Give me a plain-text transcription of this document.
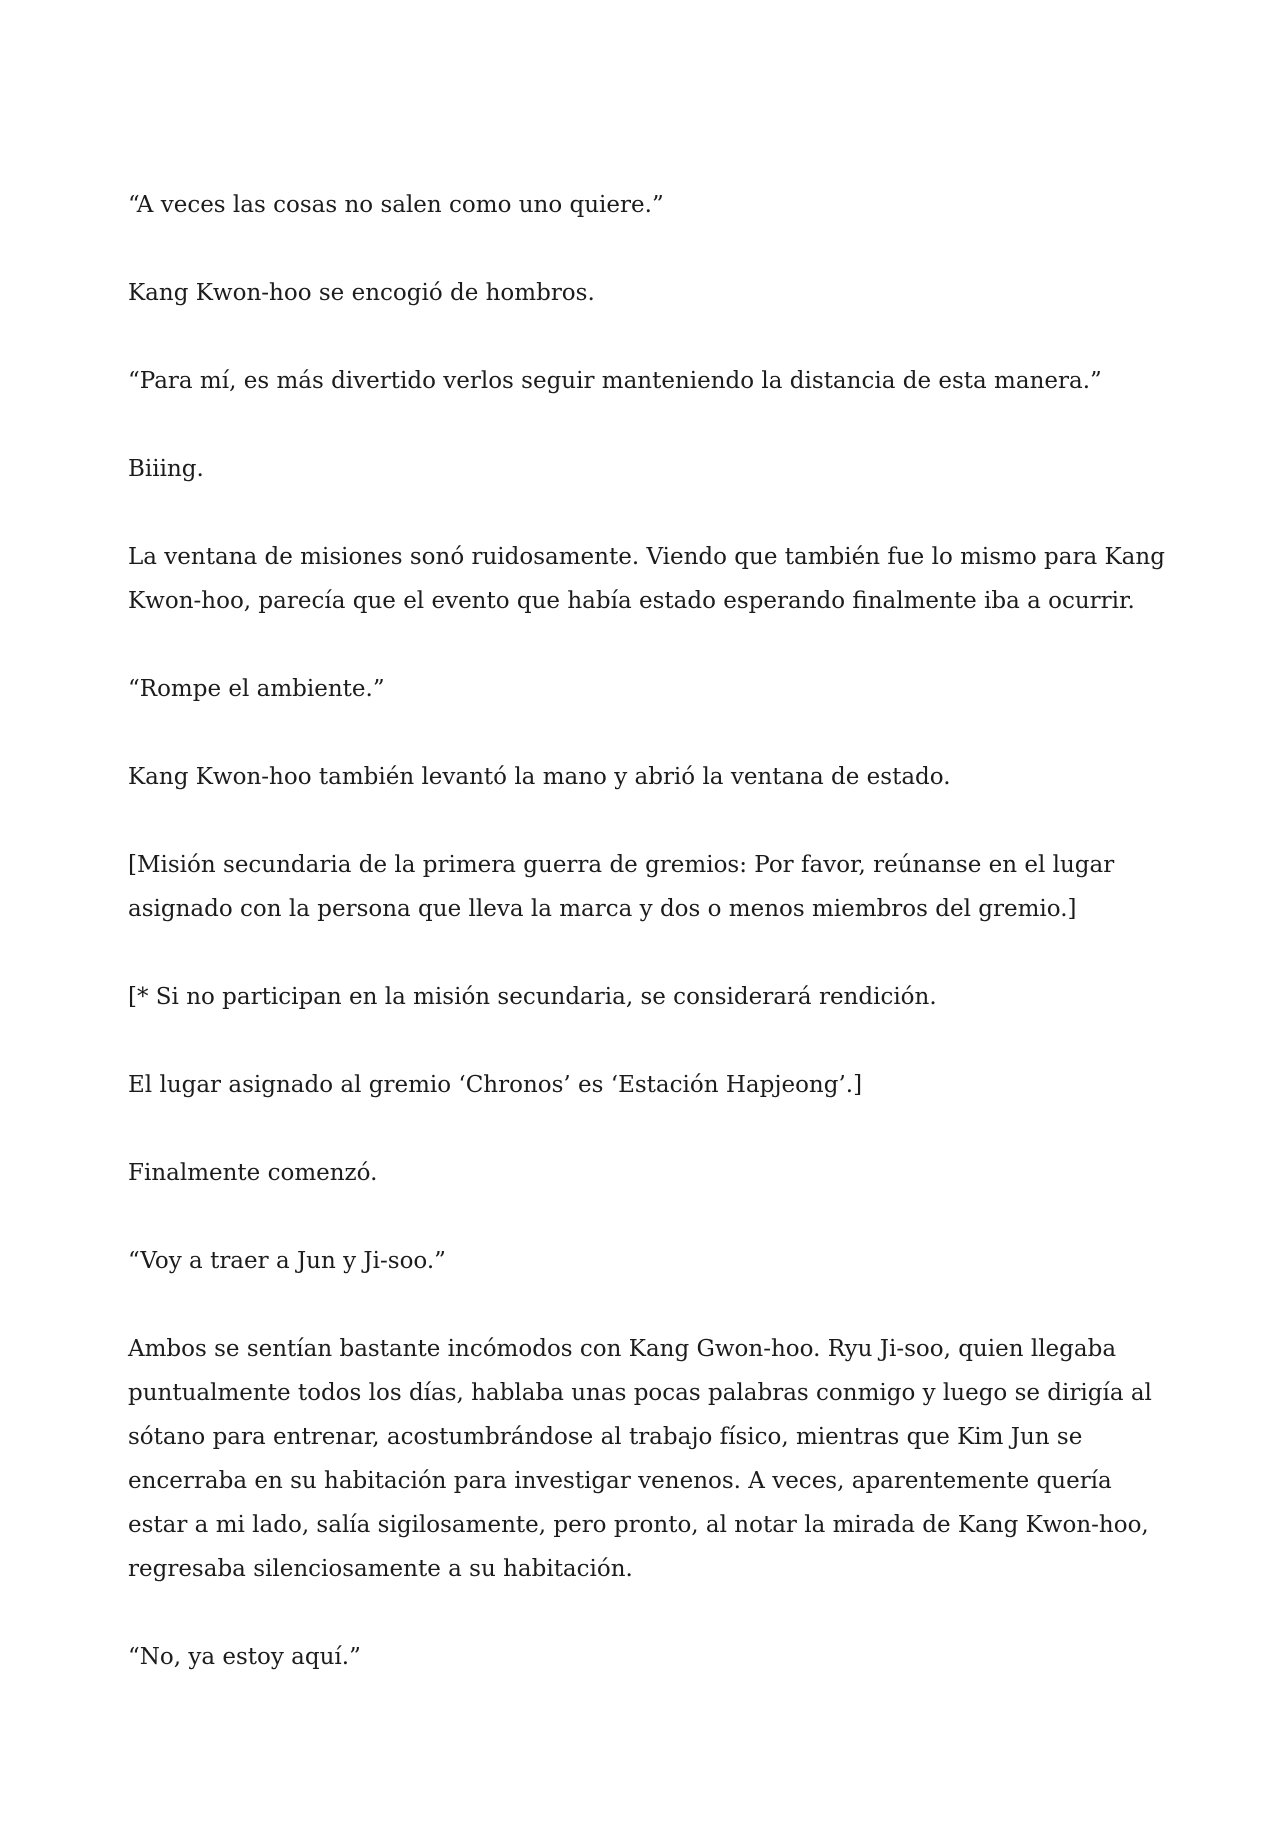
“A veces las cosas no salen como uno quiere.”

Kang Kwon-hoo se encogió de hombros.

“Para mí, es más divertido verlos seguir manteniendo la distancia de esta manera.”

Biiing.

La ventana de misiones sonó ruidosamente. Viendo que también fue lo mismo para Kang Kwon-hoo, parecía que el evento que había estado esperando finalmente iba a ocurrir.

“Rompe el ambiente.”

Kang Kwon-hoo también levantó la mano y abrió la ventana de estado.

[Misión secundaria de la primera guerra de gremios: Por favor, reúnanse en el lugar asignado con la persona que lleva la marca y dos o menos miembros del gremio.]

[* Si no participan en la misión secundaria, se considerará rendición.

El lugar asignado al gremio ‘Chronos’ es ‘Estación Hapjeong’.]

Finalmente comenzó.

“Voy a traer a Jun y Ji-soo.”

Ambos se sentían bastante incómodos con Kang Gwon-hoo. Ryu Ji-soo, quien llegaba puntualmente todos los días, hablaba unas pocas palabras conmigo y luego se dirigía al sótano para entrenar, acostumbrándose al trabajo físico, mientras que Kim Jun se encerraba en su habitación para investigar venenos. A veces, aparentemente quería estar a mi lado, salía sigilosamente, pero pronto, al notar la mirada de Kang Kwon-hoo, regresaba silenciosamente a su habitación.

“No, ya estoy aquí.”
